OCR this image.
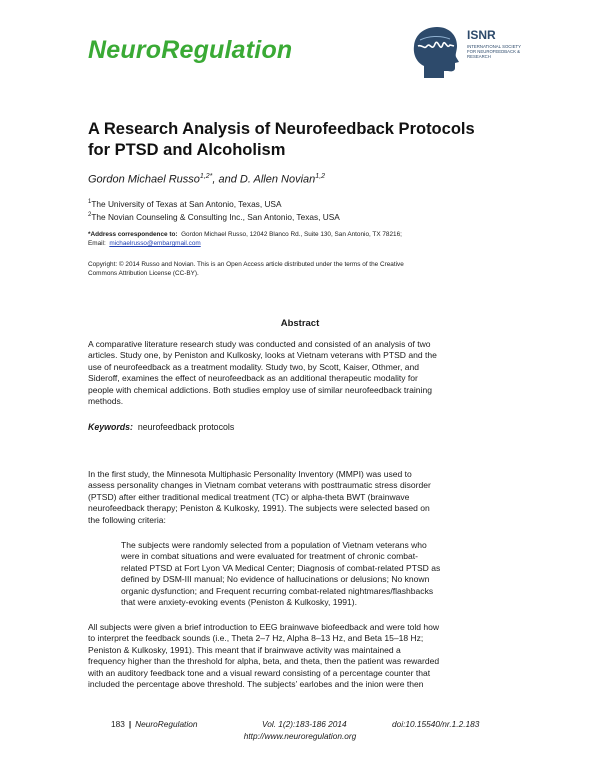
NeuroRegulation
ISNR
INTERNATIONAL SOCIETY FOR NEUROFEEDBACK & RESEARCH
A Research Analysis of Neurofeedback Protocols
for PTSD and Alcoholism
Gordon Michael Russo$^{1,2*}$, and D. Allen Novian$^{1,2}$
$^1$The University of Texas at San Antonio, Texas, USA
$^2$The Novian Counseling & Consulting Inc., San Antonio, Texas, USA
*Address correspondence to: Gordon Michael Russo, 12042 Blanco Rd., Suite 130, San Antonio, TX 78216;
Email: michaelrusso@embargmail.com
Copyright: © 2014 Russo and Novian. This is an Open Access article distributed under the terms of the Creative
Commons Attribution License (CC-BY).
Abstract
A comparative literature research study was conducted and consisted of an analysis of two
articles. Study one, by Peniston and Kulkosky, looks at Vietnam veterans with PTSD and the
use of neurofeedback as a treatment modality. Study two, by Scott, Kaiser, Othmer, and
Sideroff, examines the effect of neurofeedback as an additional therapeutic modality for
people with chemical addictions. Both studies employ use of similar neurofeedback training
methods.
Keywords: neurofeedback protocols
In the first study, the Minnesota Multiphasic Personality Inventory (MMPI) was used to
assess personality changes in Vietnam combat veterans with posttraumatic stress disorder
(PTSD) after either traditional medical treatment (TC) or alpha-theta BWT (brainwave
neurofeedback therapy; Peniston & Kulkosky, 1991). The subjects were selected based on
the following criteria:
The subjects were randomly selected from a population of Vietnam veterans who
were in combat situations and were evaluated for treatment of chronic combat-
related PTSD at Fort Lyon VA Medical Center; Diagnosis of combat-related PTSD as
defined by DSM-III manual; No evidence of hallucinations or delusions; No known
organic dysfunction; and Frequent recurring combat-related nightmares/flashbacks
that were anxiety-evoking events (Peniston & Kulkosky, 1991).
All subjects were given a brief introduction to EEG brainwave biofeedback and were told how
to interpret the feedback sounds (i.e., Theta 2–7 Hz, Alpha 8–13 Hz, and Beta 15–18 Hz;
Peniston & Kulkosky, 1991). This meant that if brainwave activity was maintained a
frequency higher than the threshold for alpha, beta, and theta, then the patient was rewarded
with an auditory feedback tone and a visual reward consisting of a percentage counter that
included the percentage above threshold. The subjects’ earlobes and the inion were then
183 | NeuroRegulation	Vol. 1(2):183-186 2014	doi:10.15540/nr.1.2.183
http://www.neuroregulation.org
